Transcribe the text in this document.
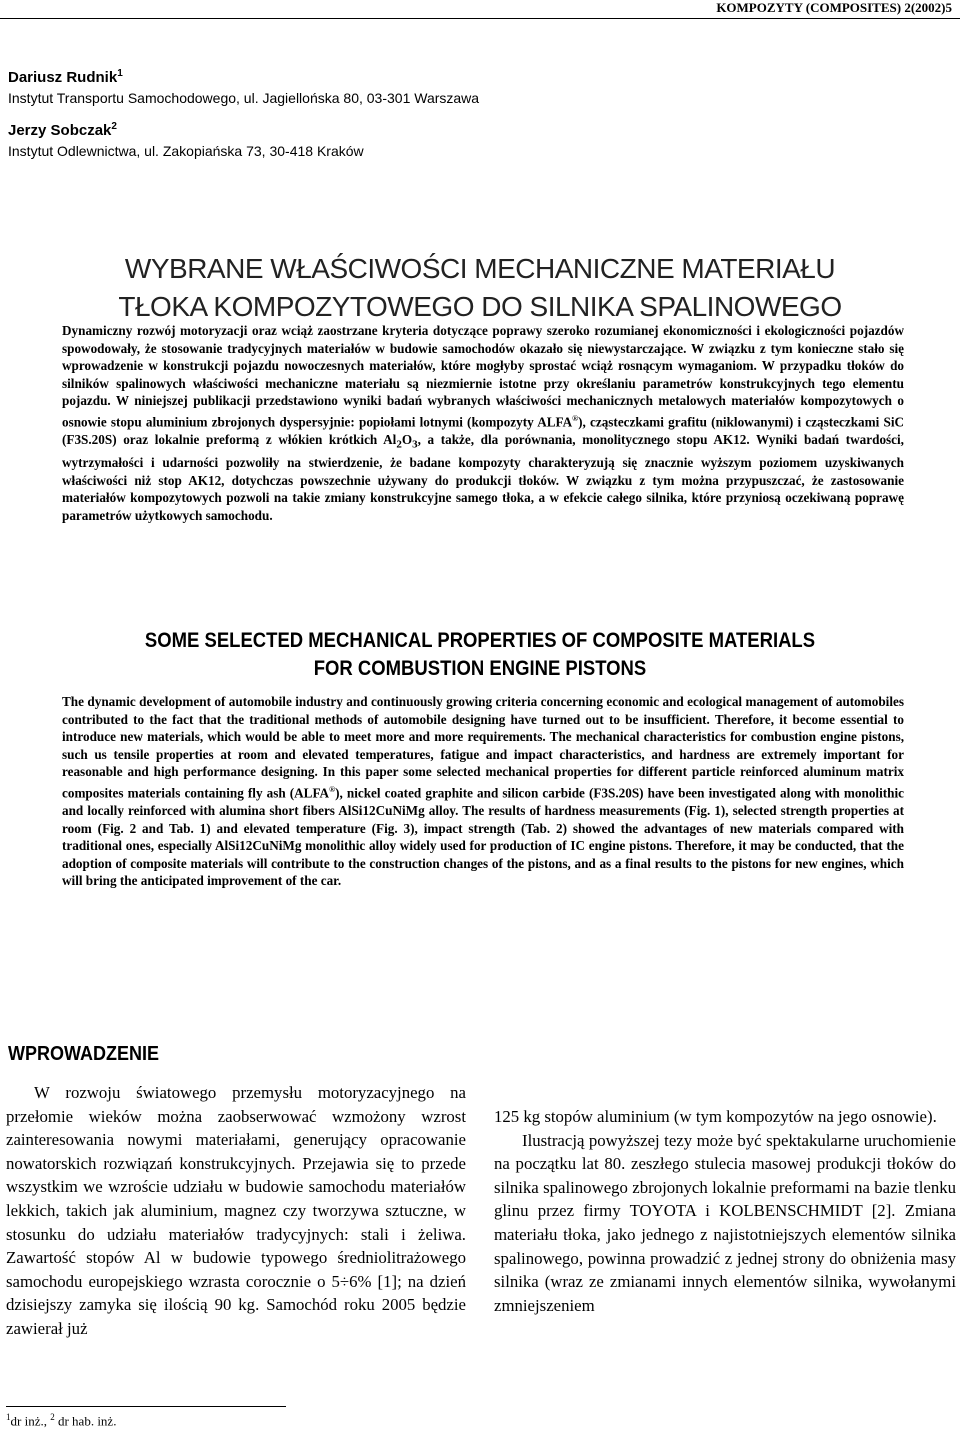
KOMPOZYTY (COMPOSITES) 2(2002)5
Dariusz Rudnik$^1$
Instytut Transportu Samochodowego, ul. Jagiellońska 80, 03-301 Warszawa
Jerzy Sobczak$^2$
Instytut Odlewnictwa, ul. Zakopiańska 73, 30-418 Kraków
WYBRANE WŁAŚCIWOŚCI MECHANICZNE MATERIAŁU
TŁOKA KOMPOZYTOWEGO DO SILNIKA SPALINOWEGO
Dynamiczny rozwój motoryzacji oraz wciąż zaostrzane kryteria dotyczące poprawy szeroko rozumianej ekonomiczności i ekologiczności pojazdów spowodowały, że stosowanie tradycyjnych materiałów w budowie samochodów okazało się niewystarczające. W związku z tym konieczne stało się wprowadzenie w konstrukcji pojazdu nowoczesnych materiałów, które mogłyby sprostać wciąż rosnącym wymaganiom. W przypadku tłoków do silników spalinowych właściwości mechaniczne materiału są niezmiernie istotne przy określaniu parametrów konstrukcyjnych tego elementu pojazdu. W niniejszej publikacji przedstawiono wyniki badań wybranych właściwości mechanicznych metalowych materiałów kompozytowych o osnowie stopu aluminium zbrojonych dyspersyjnie: popiołami lotnymi (kompozyty ALFA®), cząsteczkami grafitu (niklowanymi) i cząsteczkami SiC (F3S.20S) oraz lokalnie preformą z włókien krótkich $Al_2O_3$, a także, dla porównania, monolitycznego stopu AK12. Wyniki badań twardości, wytrzymałości i udarności pozwoliły na stwierdzenie, że badane kompozyty charakteryzują się znacznie wyższym poziomem uzyskiwanych właściwości niż stop AK12, dotychczas powszechnie używany do produkcji tłoków. W związku z tym można przypuszczać, że zastosowanie materiałów kompozytowych pozwoli na takie zmiany konstrukcyjne samego tłoka, a w efekcie całego silnika, które przyniosą oczekiwaną poprawę parametrów użytkowych samochodu.
SOME SELECTED MECHANICAL PROPERTIES OF COMPOSITE MATERIALS
FOR COMBUSTION ENGINE PISTONS
The dynamic development of automobile industry and continuously growing criteria concerning economic and ecological management of automobiles contributed to the fact that the traditional methods of automobile designing have turned out to be insufficient. Therefore, it become essential to introduce new materials, which would be able to meet more and more requirements. The mechanical characteristics for combustion engine pistons, such us tensile properties at room and elevated temperatures, fatigue and impact characteristics, and hardness are extremely important for reasonable and high performance designing. In this paper some selected mechanical properties for different particle reinforced aluminum matrix composites materials containing fly ash (ALFA®), nickel coated graphite and silicon carbide (F3S.20S) have been investigated along with monolithic and locally reinforced with alumina short fibers AlSi12CuNiMg alloy. The results of hardness measurements (Fig. 1), selected strength properties at room (Fig. 2 and Tab. 1) and elevated temperature (Fig. 3), impact strength (Tab. 2) showed the advantages of new materials compared with traditional ones, especially AlSi12CuNiMg monolithic alloy widely used for production of IC engine pistons. Therefore, it may be conducted, that the adoption of composite materials will contribute to the construction changes of the pistons, and as a final results to the pistons for new engines, which will bring the anticipated improvement of the car.
WPROWADZENIE

W rozwoju światowego przemysłu motoryzacyjnego na przełomie wieków można zaobserwować wzmożony wzrost zainteresowania nowymi materiałami, generujący opracowanie nowatorskich rozwiązań konstrukcyjnych. Przejawia się to przede wszystkim we wzroście udziału w budowie samochodu materiałów lekkich, takich jak aluminium, magnez czy tworzywa sztuczne, w stosunku do udziału materiałów tradycyjnych: stali i żeliwa. Zawartość stopów Al w budowie typowego średniolitrażowego samochodu europejskiego wzrasta corocznie o 5÷6% [1]; na dzień dzisiejszy zamyka się ilością 90 kg. Samochód roku 2005 będzie zawierał już

125 kg stopów aluminium (w tym kompozytów na jego osnowie).

Ilustracją powyższej tezy może być spektakularne uruchomienie na początku lat 80. zeszłego stulecia masowej produkcji tłoków do silnika spalinowego zbrojonych lokalnie preformami na bazie tlenku glinu przez firmy TOYOTA i KOLBENSCHMIDT [2]. Zmiana materiału tłoka, jako jednego z najistotniejszych elementów silnika spalinowego, powinna prowadzić z jednej strony do obniżenia masy silnika (wraz ze zmianami innych elementów silnika, wywołanymi zmniejszeniem

$^1$dr inż., $^2$ dr hab. inż.
